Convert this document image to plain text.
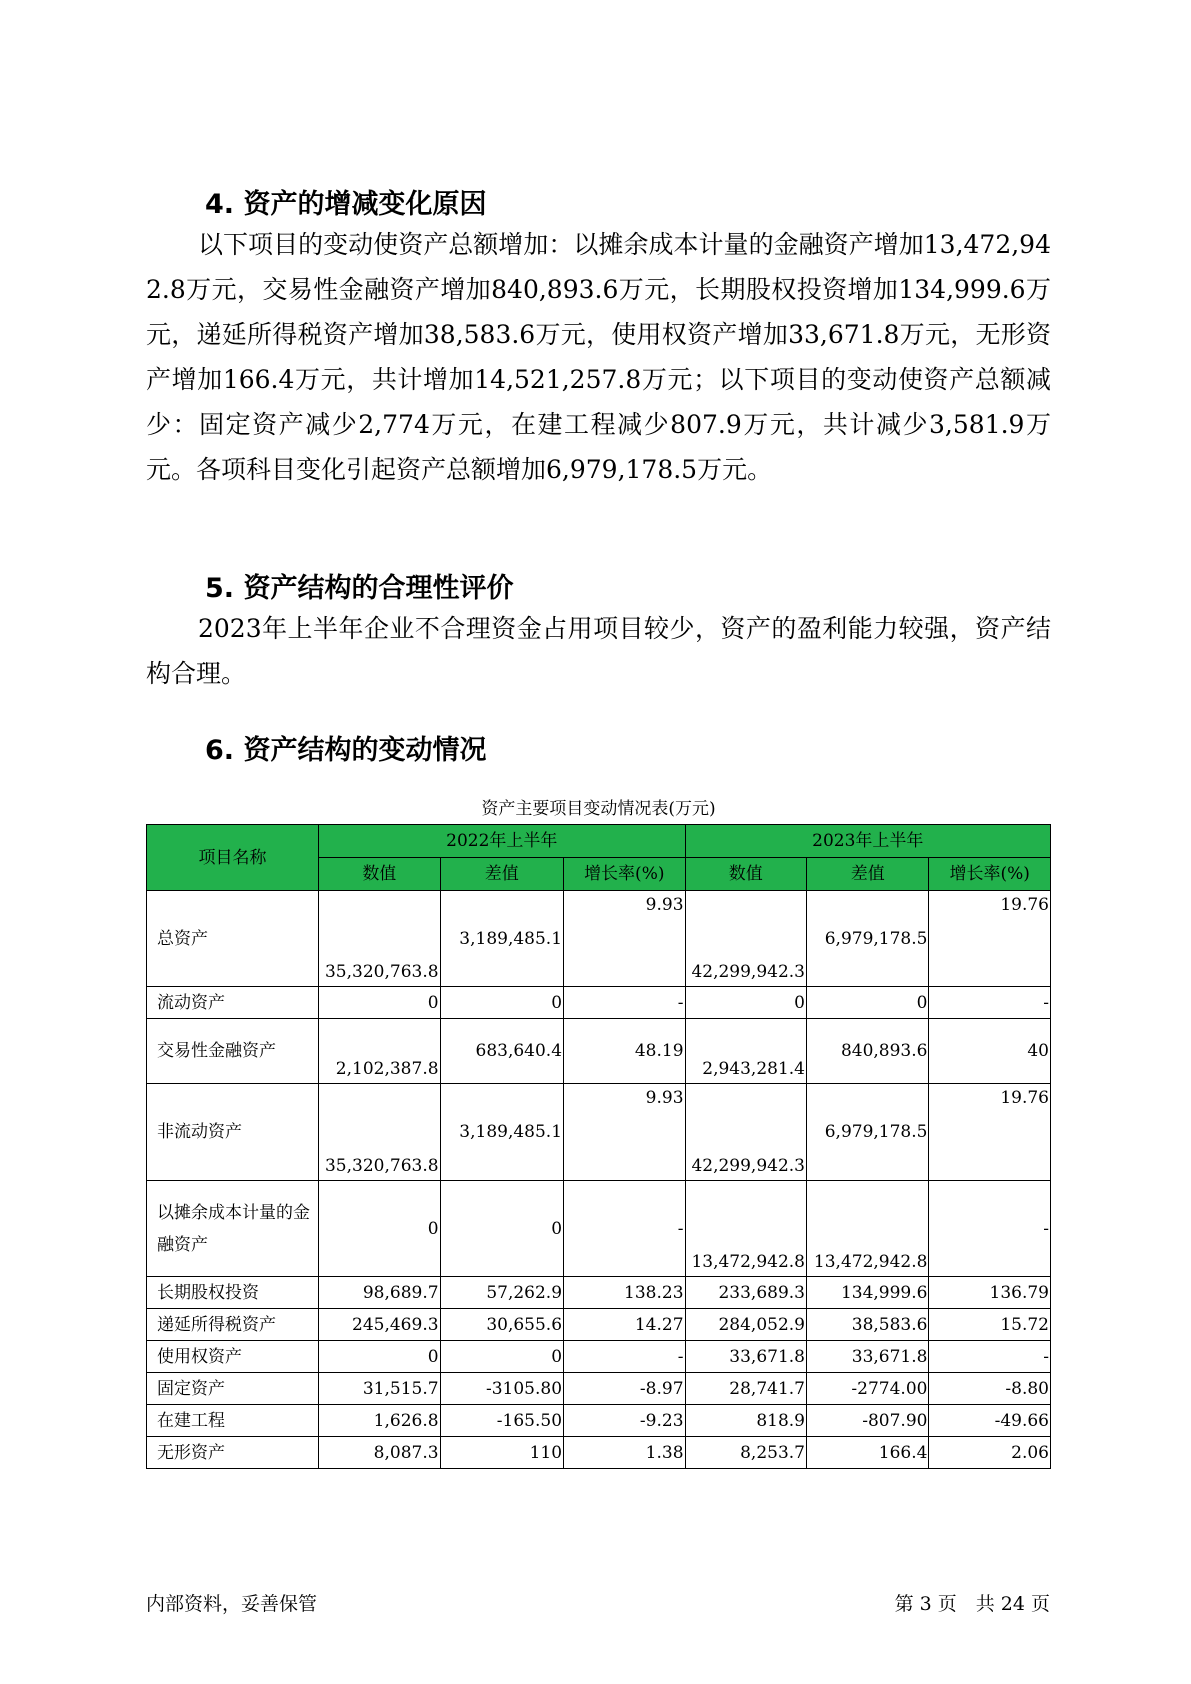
4. 资产的增减变化原因

以下项目的变动使资产总额增加：以摊余成本计量的金融资产增加13,472,942.8万元，交易性金融资产增加840,893.6万元，长期股权投资增加134,999.6万元，递延所得税资产增加38,583.6万元，使用权资产增加33,671.8万元，无形资产增加166.4万元，共计增加14,521,257.8万元；以下项目的变动使资产总额减少：固定资产减少2,774万元，在建工程减少807.9万元，共计减少3,581.9万元。各项科目变化引起资产总额增加6,979,178.5万元。

5. 资产结构的合理性评价

2023年上半年企业不合理资金占用项目较少，资产的盈利能力较强，资产结构合理。

6. 资产结构的变动情况

资产主要项目变动情况表(万元)

项目名称	2022年上半年			2023年上半年		
	数值	差值	增长率(%)	数值	差值	增长率(%)
总资产	35,320,763.8	3,189,485.1	9.93	42,299,942.3	6,979,178.5	19.76
流动资产	0	0	-	0	0	-
交易性金融资产	2,102,387.8	683,640.4	48.19	2,943,281.4	840,893.6	40
非流动资产	35,320,763.8	3,189,485.1	9.93	42,299,942.3	6,979,178.5	19.76
以摊余成本计量的金融资产	0	0	-	13,472,942.8	13,472,942.8	-
长期股权投资	98,689.7	57,262.9	138.23	233,689.3	134,999.6	136.79
递延所得税资产	245,469.3	30,655.6	14.27	284,052.9	38,583.6	15.72
使用权资产	0	0	-	33,671.8	33,671.8	-
固定资产	31,515.7	-3105.80	-8.97	28,741.7	-2774.00	-8.80
在建工程	1,626.8	-165.50	-9.23	818.9	-807.90	-49.66
无形资产	8,087.3	110	1.38	8,253.7	166.4	2.06

内部资料，妥善保管	第 3 页　共 24 页
